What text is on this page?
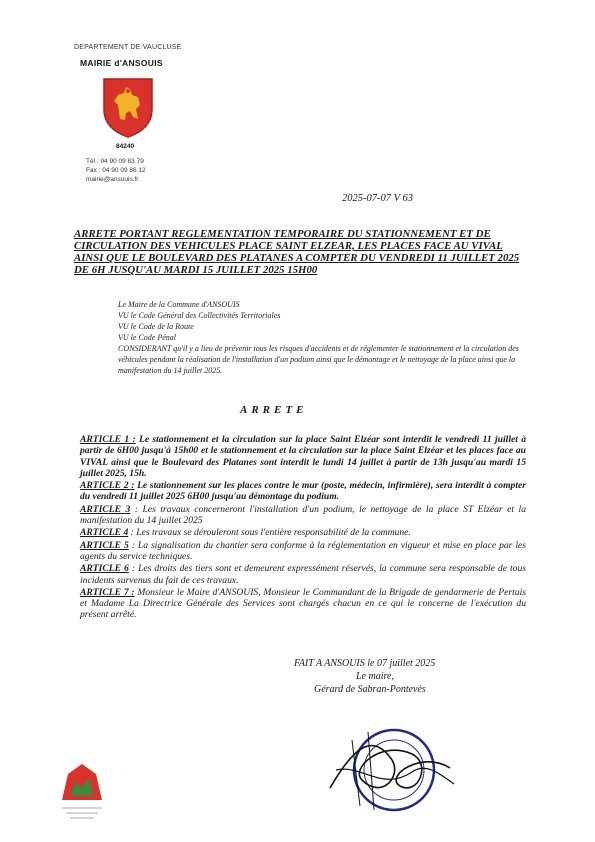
DEPARTEMENT DE VAUCLUSE
MAIRIE d'ANSOUIS
84240
Tél : 04 90 09 83 79
Fax : 04 90 09 86 12
mairie@ansouis.fr
2025-07-07 V 63
ARRETE PORTANT REGLEMENTATION TEMPORAIRE DU STATIONNEMENT ET DE CIRCULATION DES VEHICULES PLACE SAINT ELZEAR, LES PLACES FACE AU VIVAL AINSI QUE LE BOULEVARD DES PLATANES A COMPTER DU VENDREDI 11 JUILLET 2025 DE 6H JUSQU'AU MARDI 15 JUILLET 2025 15H00
Le Maire de la Commune d'ANSOUIS
VU le Code Général des Collectivités Territoriales
VU le Code de la Route
VU le Code Pénal
CONSIDERANT qu'il y a lieu de prévenir tous les risques d'accidents et de réglementer le stationnement et la circulation des véhicules pendant la réalisation de l'installation d'un podium ainsi que le démontage et le nettoyage de la place ainsi que la manifestation du 14 juillet 2025.
ARRETE
ARTICLE 1 : Le stationnement et la circulation sur la place Saint Elzéar sont interdit le vendredi 11 juillet à partir de 6H00 jusqu'à 15h00 et le stationnement et la circulation sur la place Saint Elzéar et les places face au VIVAL ainsi que le Boulevard des Platanes sont interdit le lundi 14 juillet à partir de 13h jusqu'au mardi 15 juillet 2025, 15h.
ARTICLE 2 : Le stationnement sur les places contre le mur (poste, médecin, infirmière), sera interdit à compter du vendredi 11 juillet 2025 6H00 jusqu'au démontage du podium.
ARTICLE 3 : Les travaux concerneront l'installation d'un podium, le nettoyage de la place ST Elzéar et la manifestation du 14 juillet 2025
ARTICLE 4 : Les travaux se dérouleront sous l'entière responsabilité de la commune.
ARTICLE 5 : La signalisation du chantier sera conforme à la réglementation en vigueur et mise en place par les agents du service techniques.
ARTICLE 6 : Les droits des tiers sont et demeurent expressément réservés, la commune sera responsable de tous incidents survenus du fait de ces travaux.
ARTICLE 7 : Monsieur le Maire d'ANSOUIS, Monsieur le Commandant de la Brigade de gendarmerie de Pertuis et Madame La Directrice Générale des Services sont chargés chacun en ce qui le concerne de l'exécution du présent arrêté.
FAIT A ANSOUIS le 07 juillet 2025
Le maire,
Gérard de Sabran-Pontevès
